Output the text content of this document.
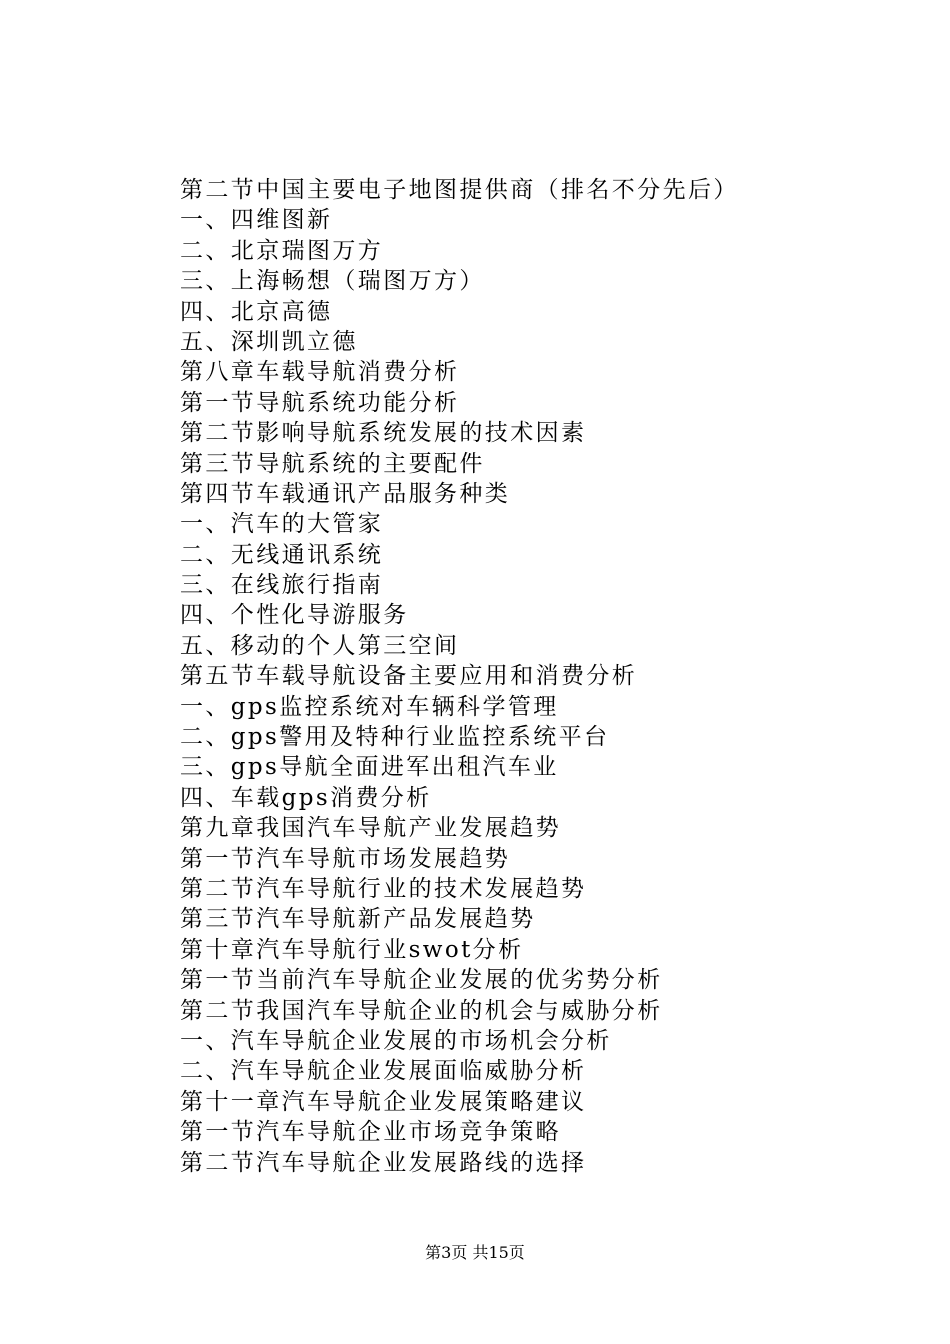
第二节中国主要电子地图提供商（排名不分先后）
一、四维图新
二、北京瑞图万方
三、上海畅想（瑞图万方）
四、北京高德
五、深圳凯立德
第八章车载导航消费分析
第一节导航系统功能分析
第二节影响导航系统发展的技术因素
第三节导航系统的主要配件
第四节车载通讯产品服务种类
一、汽车的大管家
二、无线通讯系统
三、在线旅行指南
四、个性化导游服务
五、移动的个人第三空间
第五节车载导航设备主要应用和消费分析
一、gps监控系统对车辆科学管理
二、gps警用及特种行业监控系统平台
三、gps导航全面进军出租汽车业
四、车载gps消费分析
第九章我国汽车导航产业发展趋势
第一节汽车导航市场发展趋势
第二节汽车导航行业的技术发展趋势
第三节汽车导航新产品发展趋势
第十章汽车导航行业swot分析
第一节当前汽车导航企业发展的优劣势分析
第二节我国汽车导航企业的机会与威胁分析
一、汽车导航企业发展的市场机会分析
二、汽车导航企业发展面临威胁分析
第十一章汽车导航企业发展策略建议
第一节汽车导航企业市场竞争策略
第二节汽车导航企业发展路线的选择
第3页 共15页
